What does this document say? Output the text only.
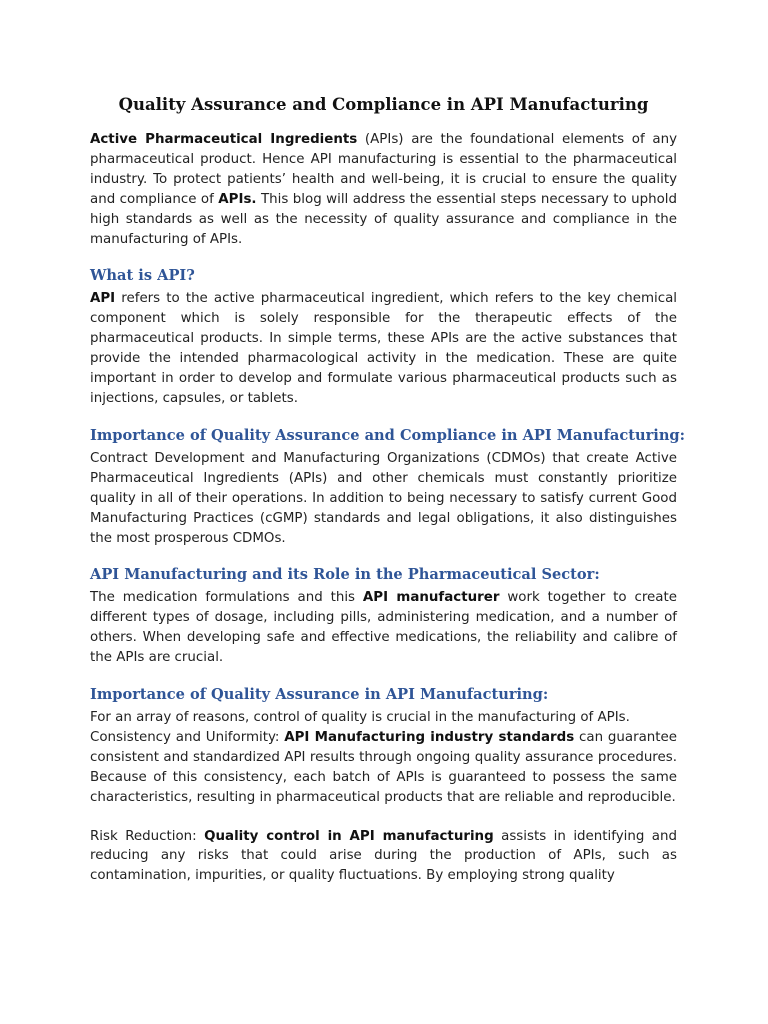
Quality Assurance and Compliance in API Manufacturing

Active Pharmaceutical Ingredients (APIs) are the foundational elements of any pharmaceutical product. Hence API manufacturing is essential to the pharmaceutical industry. To protect patients’ health and well-being, it is crucial to ensure the quality and compliance of APIs. This blog will address the essential steps necessary to uphold high standards as well as the necessity of quality assurance and compliance in the manufacturing of APIs.

What is API?

API refers to the active pharmaceutical ingredient, which refers to the key chemical component which is solely responsible for the therapeutic effects of the pharmaceutical products. In simple terms, these APIs are the active substances that provide the intended pharmacological activity in the medication. These are quite important in order to develop and formulate various pharmaceutical products such as injections, capsules, or tablets.

Importance of Quality Assurance and Compliance in API Manufacturing:

Contract Development and Manufacturing Organizations (CDMOs) that create Active Pharmaceutical Ingredients (APIs) and other chemicals must constantly prioritize quality in all of their operations. In addition to being necessary to satisfy current Good Manufacturing Practices (cGMP) standards and legal obligations, it also distinguishes the most prosperous CDMOs.

API Manufacturing and its Role in the Pharmaceutical Sector:

The medication formulations and this API manufacturer work together to create different types of dosage, including pills, administering medication, and a number of others. When developing safe and effective medications, the reliability and calibre of the APIs are crucial.

Importance of Quality Assurance in API Manufacturing:

For an array of reasons, control of quality is crucial in the manufacturing of APIs.

Consistency and Uniformity: API Manufacturing industry standards can guarantee consistent and standardized API results through ongoing quality assurance procedures. Because of this consistency, each batch of APIs is guaranteed to possess the same characteristics, resulting in pharmaceutical products that are reliable and reproducible.

Risk Reduction: Quality control in API manufacturing assists in identifying and reducing any risks that could arise during the production of APIs, such as contamination, impurities, or quality fluctuations. By employing strong quality
